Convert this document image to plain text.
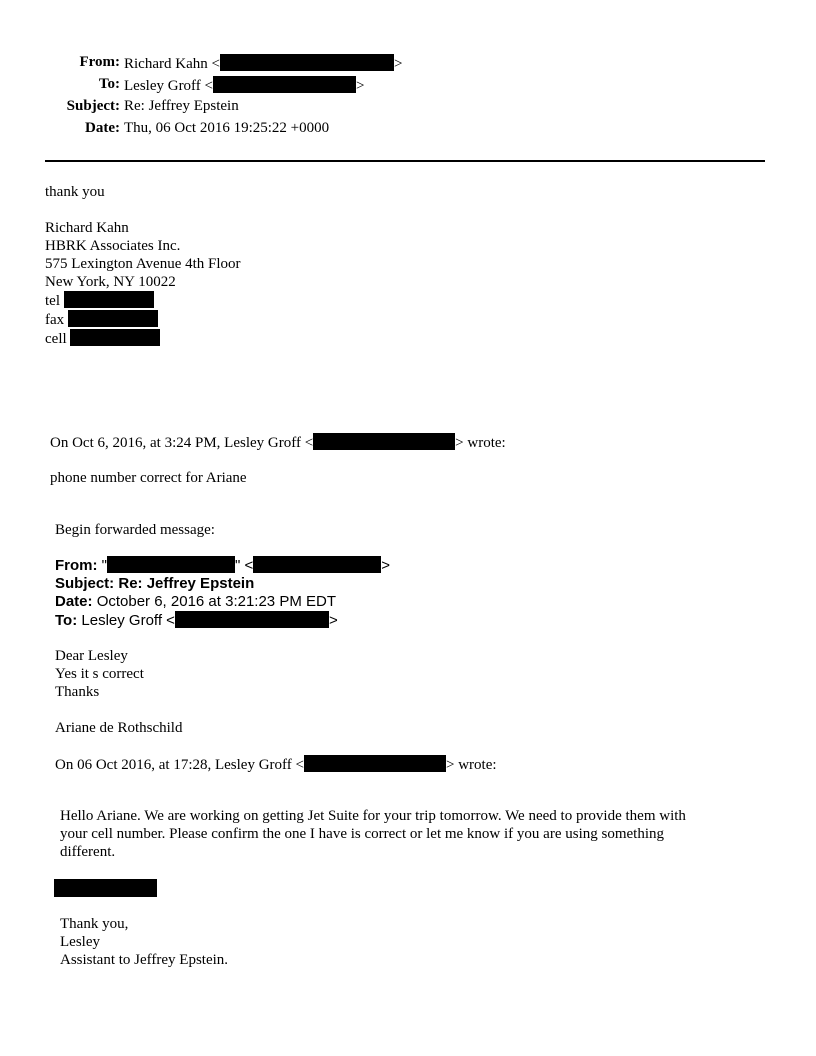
From: Richard Kahn <	>
To: Lesley Groff <	>
Subject: Re: Jeffrey Epstein
Date: Thu, 06 Oct 2016 19:25:22 +0000
thank you
Richard Kahn
HBRK Associates Inc.
575 Lexington Avenue 4th Floor
New York, NY 10022
tel
fax
cell
On Oct 6, 2016, at 3:24 PM, Lesley Groff <	> wrote:
phone number correct for Ariane
Begin forwarded message:
From: "	" <	>
Subject: Re: Jeffrey Epstein
Date: October 6, 2016 at 3:21:23 PM EDT
To: Lesley Groff <	>
Dear Lesley
Yes it s correct
Thanks
Ariane de Rothschild
On 06 Oct 2016, at 17:28, Lesley Groff <	> wrote:
Hello Ariane. We are working on getting Jet Suite for your trip tomorrow. We need to provide them with
your cell number. Please confirm the one I have is correct or let me know if you are using something
different.
Thank you,
Lesley
Assistant to Jeffrey Epstein.
